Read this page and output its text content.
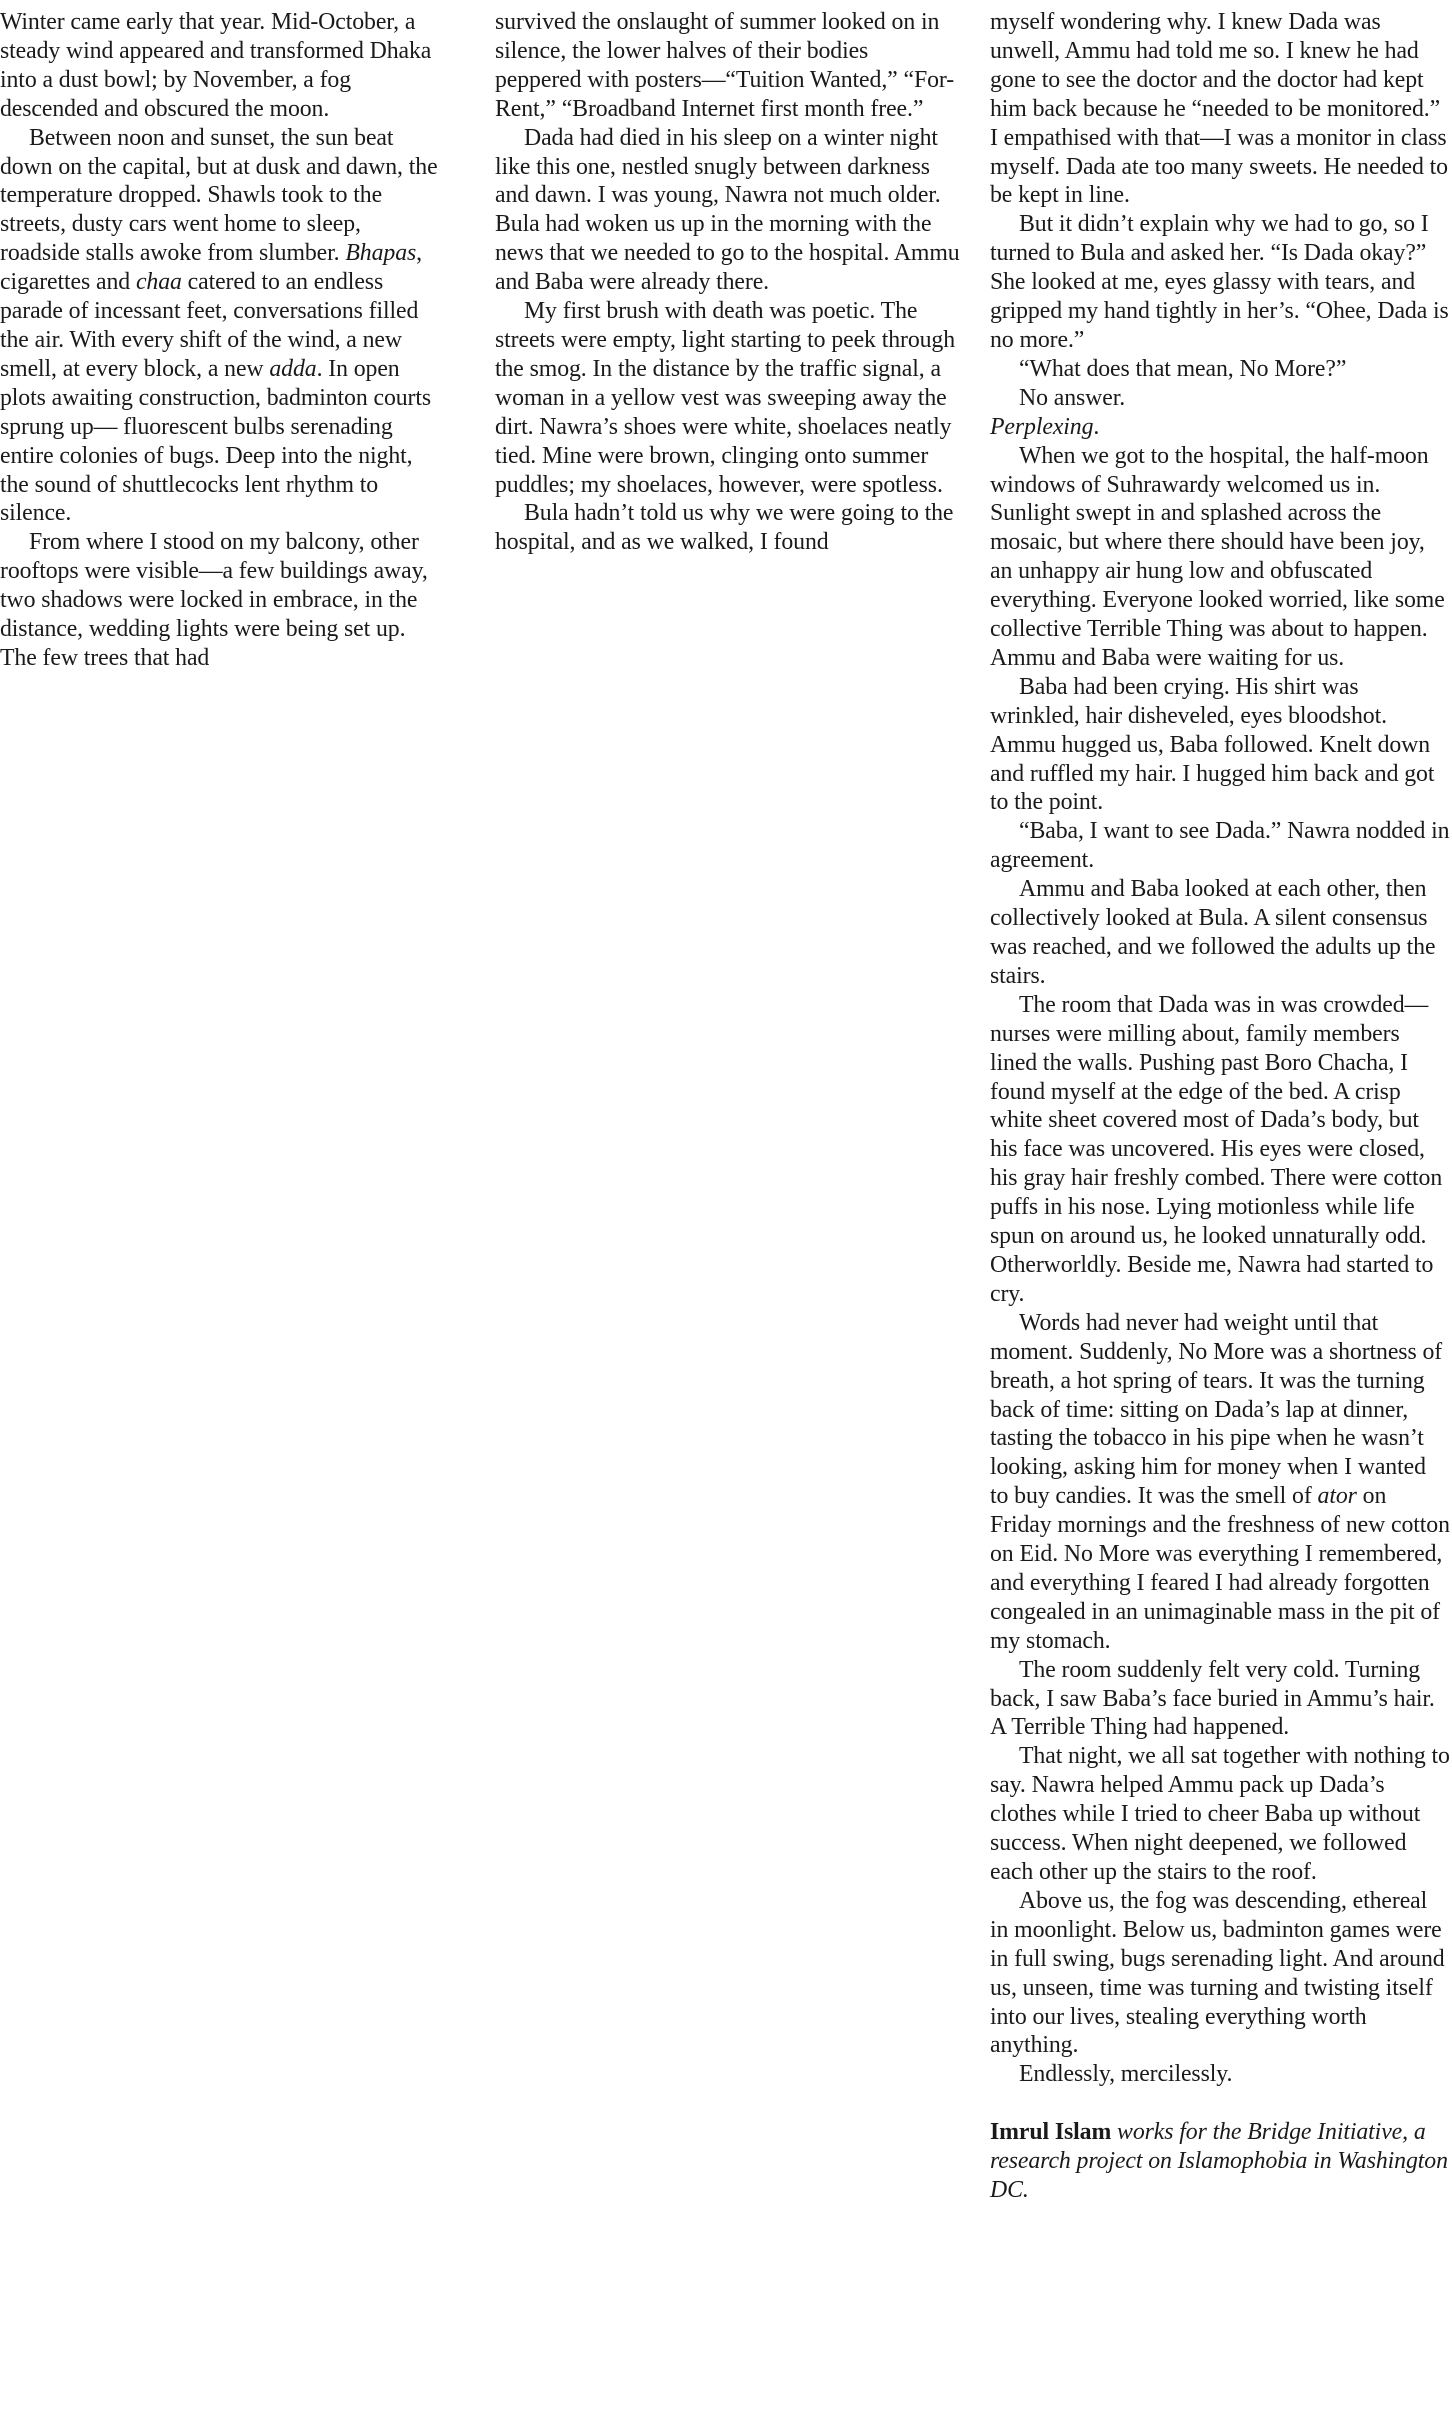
Winter came early that year. Mid-October, a steady wind appeared and transformed Dhaka into a dust bowl; by November, a fog descended and obscured the moon.

Between noon and sunset, the sun beat down on the capital, but at dusk and dawn, the temperature dropped. Shawls took to the streets, dusty cars went home to sleep, roadside stalls awoke from slumber. Bhapas, cigarettes and chaa catered to an endless parade of incessant feet, conversations filled the air. With every shift of the wind, a new smell, at every block, a new adda. In open plots awaiting construction, badminton courts sprung up— fluorescent bulbs serenading entire colonies of bugs. Deep into the night, the sound of shuttlecocks lent rhythm to silence.

From where I stood on my balcony, other rooftops were visible—a few buildings away, two shadows were locked in embrace, in the distance, wedding lights were being set up. The few trees that had

survived the onslaught of summer looked on in silence, the lower halves of their bodies peppered with posters—“Tuition Wanted,” “For- Rent,” “Broadband Internet first month free.”

Dada had died in his sleep on a winter night like this one, nestled snugly between darkness and dawn. I was young, Nawra not much older. Bula had woken us up in the morning with the news that we needed to go to the hospital. Ammu and Baba were already there.

My first brush with death was poetic. The streets were empty, light starting to peek through the smog. In the distance by the traffic signal, a woman in a yellow vest was sweeping away the dirt. Nawra’s shoes were white, shoelaces neatly tied. Mine were brown, clinging onto summer puddles; my shoelaces, however, were spotless.

Bula hadn’t told us why we were going to the hospital, and as we walked, I found

myself wondering why. I knew Dada was unwell, Ammu had told me so. I knew he had gone to see the doctor and the doctor had kept him back because he “needed to be monitored.” I empathised with that—I was a monitor in class myself. Dada ate too many sweets. He needed to be kept in line.

But it didn’t explain why we had to go, so I turned to Bula and asked her. “Is Dada okay?” She looked at me, eyes glassy with tears, and gripped my hand tightly in her’s. “Ohee, Dada is no more.”

“What does that mean, No More?”

No answer.

Perplexing.

When we got to the hospital, the half-moon windows of Suhrawardy welcomed us in. Sunlight swept in and splashed across the mosaic, but where there should have been joy, an unhappy air hung low and obfuscated everything. Everyone looked worried, like some collective Terrible Thing was about to happen. Ammu and Baba were waiting for us.

Baba had been crying. His shirt was wrinkled, hair disheveled, eyes bloodshot. Ammu hugged us, Baba followed. Knelt down and ruffled my hair. I hugged him back and got to the point.

“Baba, I want to see Dada.” Nawra nodded in agreement.

Ammu and Baba looked at each other, then collectively looked at Bula. A silent consensus was reached, and we followed the adults up the stairs.

The room that Dada was in was crowded—nurses were milling about, family members lined the walls. Pushing past Boro Chacha, I found myself at the edge of the bed. A crisp white sheet covered most of Dada’s body, but his face was uncovered. His eyes were closed, his gray hair freshly combed. There were cotton puffs in his nose. Lying motionless while life spun on around us, he looked unnaturally odd. Otherworldly. Beside me, Nawra had started to cry.

Words had never had weight until that moment. Suddenly, No More was a shortness of breath, a hot spring of tears. It was the turning back of time: sitting on Dada’s lap at dinner, tasting the tobacco in his pipe when he wasn’t looking, asking him for money when I wanted to buy candies. It was the smell of ator on Friday mornings and the freshness of new cotton on Eid. No More was everything I remembered, and everything I feared I had already forgotten congealed in an unimaginable mass in the pit of my stomach.

The room suddenly felt very cold. Turning back, I saw Baba’s face buried in Ammu’s hair. A Terrible Thing had happened.

That night, we all sat together with nothing to say. Nawra helped Ammu pack up Dada’s clothes while I tried to cheer Baba up without success. When night deepened, we followed each other up the stairs to the roof.

Above us, the fog was descending, ethereal in moonlight. Below us, badminton games were in full swing, bugs serenading light. And around us, unseen, time was turning and twisting itself into our lives, stealing everything worth anything.

Endlessly, mercilessly.

Imrul Islam works for the Bridge Initiative, a research project on Islamophobia in Washington DC.
